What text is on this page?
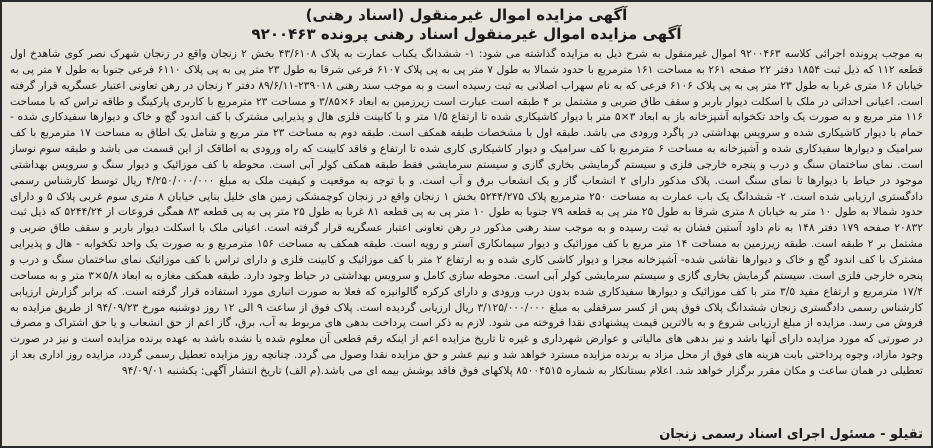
آگهی مزایده اموال غیرمنقول (اسناد رهنی)
آگهی مزایده اموال غیرمنقول اسناد رهنی پرونده ۹۲۰۰۴۶۳

به موجب پرونده اجرائی کلاسه ۹۲۰۰۴۶۳ اموال غیرمنقول به شرح ذیل به مزایده گذاشته می شود: ۱- ششدانگ یکباب عمارت به پلاک ۴۳/۶۱۰۸ بخش ۲ زنجان واقع در زنجان شهرک نصر کوی شاهدخ اول قطعه ۱۱۲ که ذیل ثبت ۱۸۵۴ دفتر ۲۲ صفحه ۲۶۱ به مساحت ۱۶۱ مترمربع با حدود شمالا به طول ۷ متر پی به پی پلاک ۶۱۰۷ فرعی شرقا به طول ۲۳ متر پی به پی پلاک ۶۱۱۰ فرعی جنوبا به طول ۷ متر پی به خیابان ۱۶ متری غربا به طول ۲۳ متر پی به پی پلاک ۶۱۰۶ فرعی که به نام سهراب اصلانی به ثبت رسیده است و به موجب سند رهنی ۲۳۹۰۱۸-۸۹/۶/۱۱ دفتر ۲ زنجان در رهن تعاونی اعتبار عسگریه قرار گرفته است. اعیانی احداثی در ملک با اسکلت دیوار باربر و سقف طاق ضربی و مشتمل بر ۴ طبقه است عبارت است زیرزمین به ابعاد ۶×۳/۸۵ و مساحت ۲۳ مترمربع با کاربری پارکینگ و طاقه تراس که با مساحت ۱۱۶ متر مربع و به صورت یک واحد تکخوابه آشپزخانه باز به ابعاد ۳×۵ متر با دیوار کاشیکاری شده تا ارتفاع ۱/۵ متر و با کابینت فلزی هال و پذیرایی مشترک با کف اندود گچ و خاک و دیوارها سفیدکاری شده - حمام با دیوار کاشیکاری شده و سرویس بهداشتی در پاگرد ورودی می باشد. طبقه اول با مشخصات طبقه همکف است. طبقه دوم به مساحت ۲۳ متر مربع و شامل یک اطاق به مساحت ۱۷ مترمربع با کف سرامیک و دیوارها سفیدکاری شده و آشپزخانه به مساحت ۶ مترمربع با کف سرامیک و دیوار کاشیکاری کاری شده تا ارتفاع و فاقد کابینت که راه ورودی به اطاقک از این قسمت می باشد و طبقه سوم نوساز است. نمای ساختمان سنگ و درب و پنجره خارجی فلزی و سیستم گرمایشی بخاری گازی و سیستم سرمایشی فقط طبقه همکف کولر آبی است. محوطه با کف موزائیک و دیوار سنگ و سرویس بهداشتی موجود در حیاط با دیوارها تا نمای سنگ است. پلاک مذکور دارای ۲ انشعاب گاز و یک انشعاب برق و آب است. و با توجه به موقعیت و کیفیت ملک به مبلغ ۴/۲۵۰/۰۰۰/۰۰۰ ریال توسط کارشناس رسمی دادگستری ارزیابی شده است. ۲- ششدانگ یک باب عمارت به مساحت ۲۵۰ مترمربع پلاک ۵۲۴۴/۲۷۵ بخش ۱ زنجان واقع در زنجان کوچمشکی زمین های خلیل بنایی خیابان ۸ متری سوم غربی پلاک ۵ و دارای حدود شمالا به طول ۱۰ متر به خیابان ۸ متری شرقا به طول ۲۵ متر پی به قطعه ۷۹ جنوبا به طول ۱۰ متر پی به پی قطعه ۸۱ غربا به طول ۲۵ متر پی به پی قطعه ۸۳ همگی فروعات از ۵۲۴۴/۲۴ که ذیل ثبت ۲۰۸۳۲ صفحه ۱۷۹ دفتر ۱۴۸ به نام داود آستین فشان به ثبت رسیده و به موجب سند رهنی مذکور در رهن تعاونی اعتبار عسگریه قرار گرفته است. اعیانی ملک با اسکلت دیوار باربر و سقف طاق ضربی و مشتمل بر ۲ طبقه است. طبقه زیرزمین به مساحت ۱۴ متر مربع با کف موزائیک و دیوار سیمانکاری آستر و رویه است. طبقه همکف به مساحت ۱۵۶ مترمربع و به صورت یک واحد تکخوابه - هال و پذیرایی مشترک با کف اندود گچ و خاک و دیوارها نقاشی شده- آشپزخانه مجزا و دیوار کاشی کاری شده و به ارتفاع ۲ متر با کف موزائیک و کابینت فلزی و دارای تراس با کف موزائیک نمای ساختمان سنگ و درب و پنجره خارجی فلزی است. سیستم گرمایش بخاری گازی و سیستم سرمایشی کولر آبی است. محوطه سازی کامل و سرویس بهداشتی در حیاط وجود دارد. طبقه همکف مغازه به ابعاد ۵/۸×۳ متر و به مساحت ۱۷/۴ مترمربع و ارتفاع مفید ۳/۵ متر با کف موزائیک و دیوارها سفیدکاری شده بدون درب ورودی و دارای کرکره گالوانیزه که فعلا به صورت انباری مورد استفاده قرار گرفته است. که برابر گزارش ارزیابی کارشناس رسمی دادگستری زنجان ششدانگ پلاک فوق پس از کسر سرقفلی به مبلغ ۳/۱۲۵/۰۰۰/۰۰۰ ریال ارزیابی گردیده است. پلاک فوق از ساعت ۹ الی ۱۲ روز دوشنبه مورخ ۹۴/۰۹/۲۳ از طریق مزایده به فروش می رسد. مزایده از مبلغ ارزیابی شروع و به بالاترین قیمت پیشنهادی نقدا فروخته می شود. لازم به ذکر است پرداخت بدهی های مربوط به آب، برق، گاز اعم از حق انشعاب و یا حق اشتراک و مصرف در صورتی که مورد مزایده دارای آنها باشد و نیز بدهی های مالیاتی و عوارض شهرداری و غیره تا تاریخ مزایده اعم از اینکه رقم قطعی آن معلوم شده یا نشده باشد به عهده برنده مزایده است و نیز در صورت وجود مازاد، وجوه پرداختی بابت هزینه های فوق از محل مزاد به برنده مزایده مسترد خواهد شد و نیم عشر و حق مزایده نقدا وصول می گردد. چنانچه روز مزایده تعطیل رسمی گردد، مزایده روز اداری بعد از تعطیلی در همان ساعت و مکان مقرر برگزار خواهد شد. اعلام بستانکار به شماره ۸۵۰۰۴۵۱۵ پلاکهای فوق فاقد بوشش بیمه ای می باشد.(م الف) تاریخ انتشار آگهی: یکشنبه ۹۴/۰۹/۰۱

تقیلو - مسئول اجرای اسناد رسمی زنجان
